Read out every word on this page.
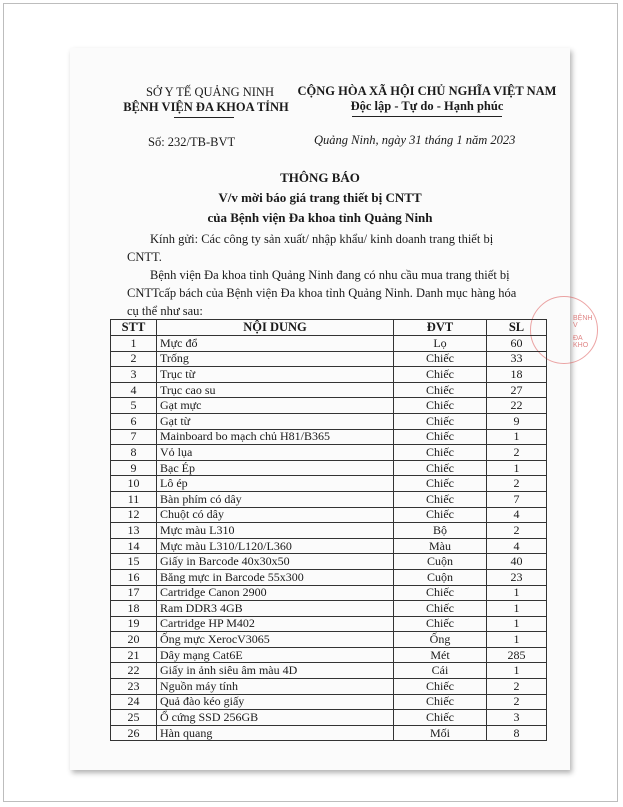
SỞ Y TẾ QUẢNG NINH
BỆNH VIỆN ĐA KHOA TỈNH
CỘNG HÒA XÃ HỘI CHỦ NGHĨA VIỆT NAM
Độc lập - Tự do - Hạnh phúc
Số: 232/TB-BVT	Quảng Ninh, ngày 31 tháng 1 năm 2023
THÔNG BÁO
V/v mời báo giá trang thiết bị CNTT
của Bệnh viện Đa khoa tỉnh Quảng Ninh
Kính gửi: Các công ty sản xuất/ nhập khẩu/ kinh doanh trang thiết bị
CNTT.
Bệnh viện Đa khoa tỉnh Quảng Ninh đang có nhu cầu mua trang thiết bị
CNTTcấp bách của Bệnh viện Đa khoa tỉnh Quảng Ninh. Danh mục hàng hóa
cụ thể như sau:
BỆNH V
ĐA KHO
STT	NỘI DUNG	ĐVT	SL
1	Mực đổ	Lọ	60
2	Trống	Chiếc	33
3	Trục từ	Chiếc	18
4	Trục cao su	Chiếc	27
5	Gạt mực	Chiếc	22
6	Gạt từ	Chiếc	9
7	Mainboard bo mạch chủ H81/B365	Chiếc	1
8	Vỏ lụa	Chiếc	2
9	Bạc Ép	Chiếc	1
10	Lô ép	Chiếc	2
11	Bàn phím có dây	Chiếc	7
12	Chuột có dây	Chiếc	4
13	Mực màu L310	Bộ	2
14	Mực màu L310/L120/L360	Màu	4
15	Giấy in Barcode 40x30x50	Cuộn	40
16	Băng mực in Barcode 55x300	Cuộn	23
17	Cartridge Canon 2900	Chiếc	1
18	Ram DDR3 4GB	Chiếc	1
19	Cartridge HP M402	Chiếc	1
20	Ống mực XerocV3065	Ống	1
21	Dây mạng Cat6E	Mét	285
22	Giấy in ảnh siêu âm màu 4D	Cái	1
23	Nguồn máy tính	Chiếc	2
24	Quả đào kéo giấy	Chiếc	2
25	Ổ cứng SSD 256GB	Chiếc	3
26	Hàn quang	Mối	8
